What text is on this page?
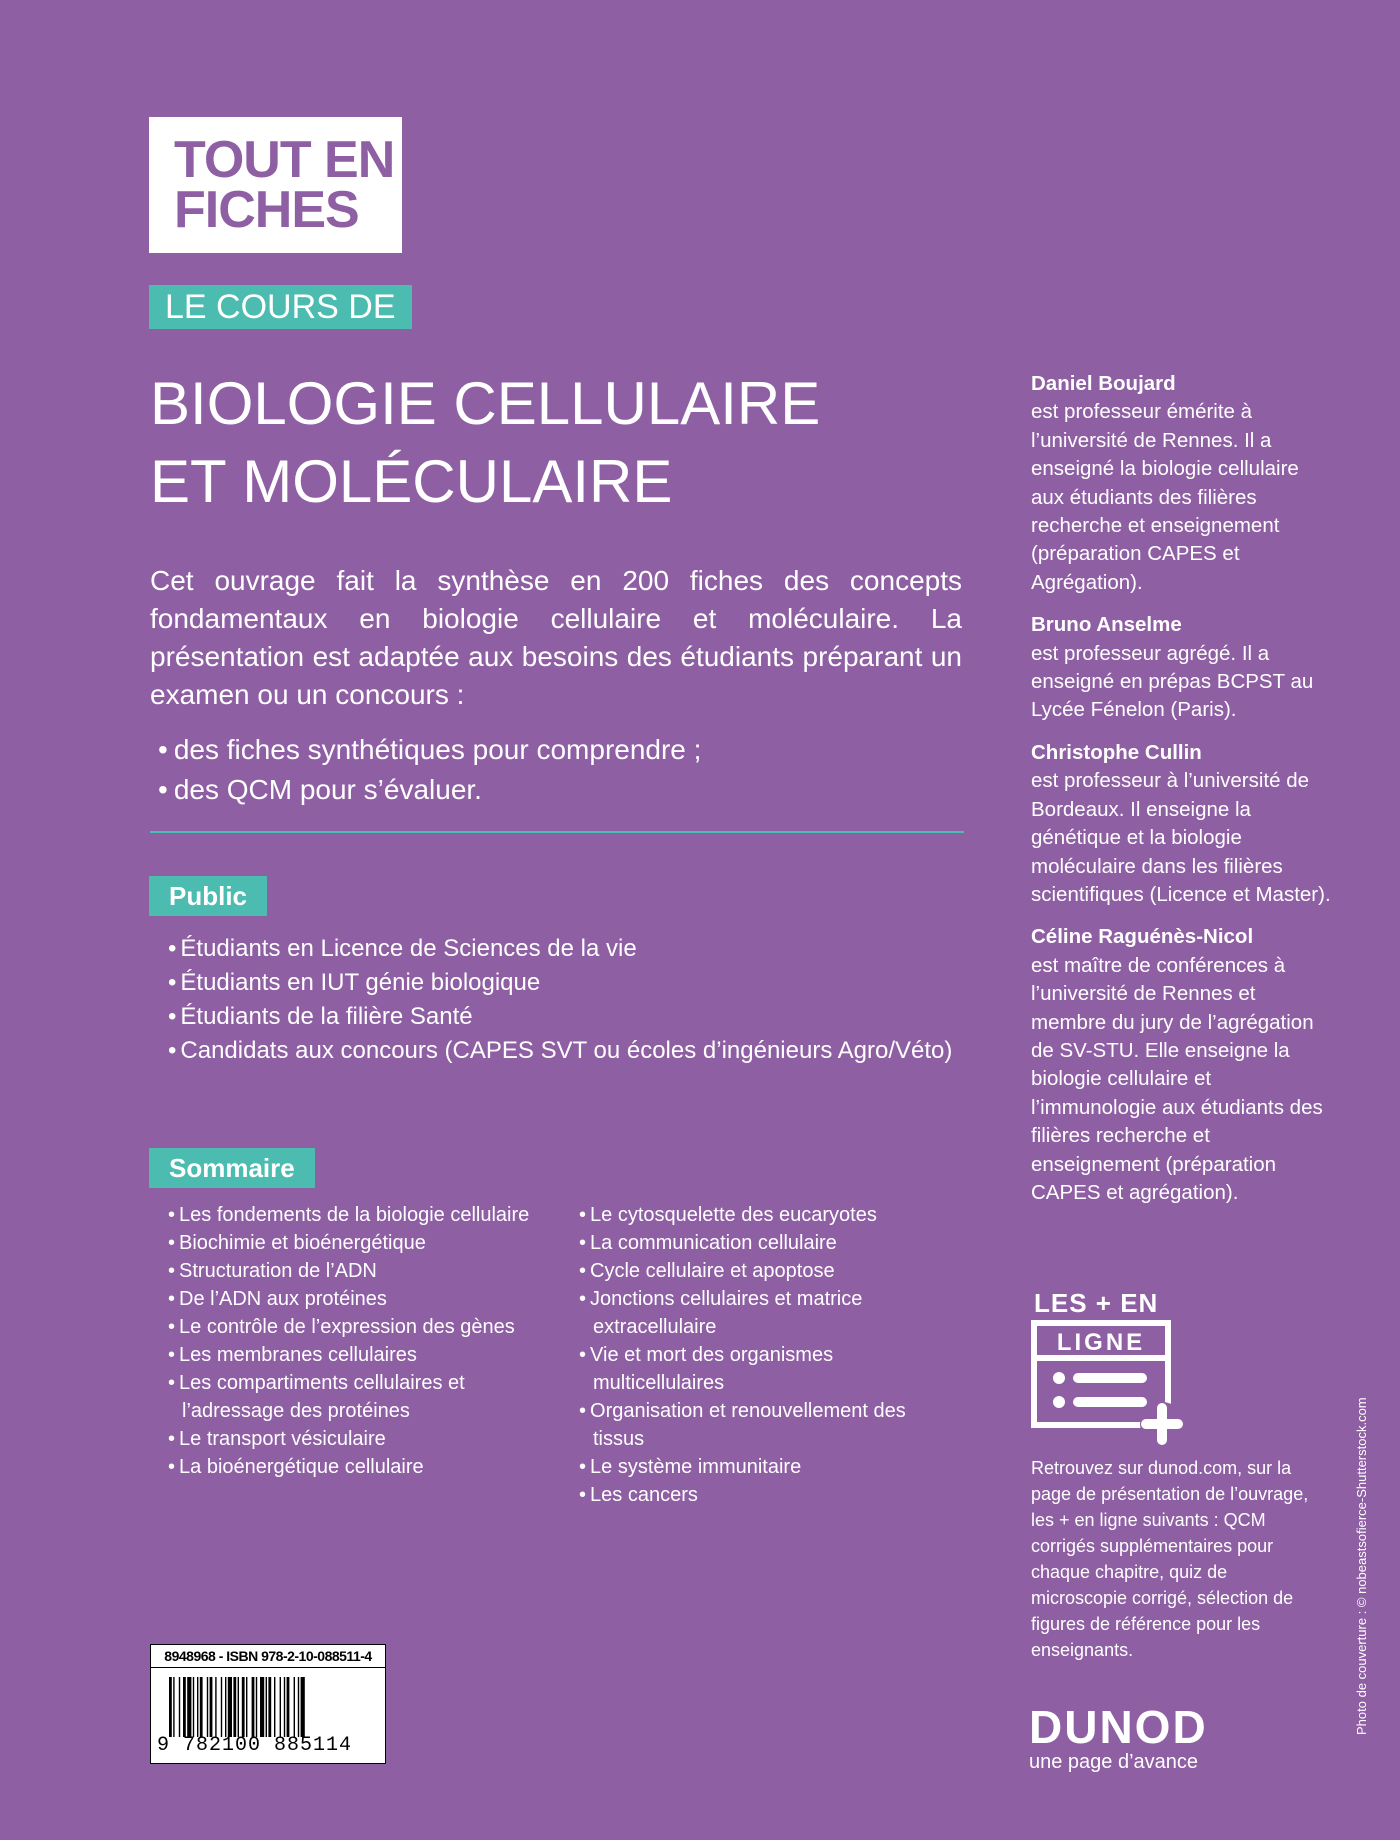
TOUT EN
FICHES
LE COURS DE
BIOLOGIE CELLULAIRE
ET MOLÉCULAIRE

Cet ouvrage fait la synthèse en 200 fiches des concepts fondamentaux en biologie cellulaire et moléculaire. La présentation est adaptée aux besoins des étudiants préparant un examen ou un concours :

• des fiches synthétiques pour comprendre ;
• des QCM pour s’évaluer.
Public
• Étudiants en Licence de Sciences de la vie
• Étudiants en IUT génie biologique
• Étudiants de la filière Santé
• Candidats aux concours (CAPES SVT ou écoles d’ingénieurs Agro/Véto)
Sommaire
• Les fondements de la biologie cellulaire
• Biochimie et bioénergétique
• Structuration de l’ADN
• De l’ADN aux protéines
• Le contrôle de l’expression des gènes
• Les membranes cellulaires
• Les compartiments cellulaires et l’adressage des protéines
• Le transport vésiculaire
• La bioénergétique cellulaire
• Le cytosquelette des eucaryotes
• La communication cellulaire
• Cycle cellulaire et apoptose
• Jonctions cellulaires et matrice extracellulaire
• Vie et mort des organismes multicellulaires
• Organisation et renouvellement des tissus
• Le système immunitaire
• Les cancers
Daniel Boujard
est professeur émérite à l’université de Rennes. Il a enseigné la biologie cellulaire aux étudiants des filières recherche et enseignement (préparation CAPES et Agrégation).
Bruno Anselme
est professeur agrégé. Il a enseigné en prépas BCPST au Lycée Fénelon (Paris).
Christophe Cullin
est professeur à l’université de Bordeaux. Il enseigne la génétique et la biologie moléculaire dans les filières scientifiques (Licence et Master).
Céline Raguénès-Nicol
est maître de conférences à l’université de Rennes et membre du jury de l’agrégation de SV-STU. Elle enseigne la biologie cellulaire et l’immunologie aux étudiants des filières recherche et enseignement (préparation CAPES et agrégation).
LES + EN
LIGNE
Retrouvez sur dunod.com, sur la page de présentation de l’ouvrage, les + en ligne suivants : QCM corrigés supplémentaires pour chaque chapitre, quiz de microscopie corrigé, sélection de figures de référence pour les enseignants.
8948968 - ISBN 978-2-10-088511-4
9 782100 885114	DUNOD
une page d’avance
Photo de couverture : © nobeastsofierce-Shutterstock.com
